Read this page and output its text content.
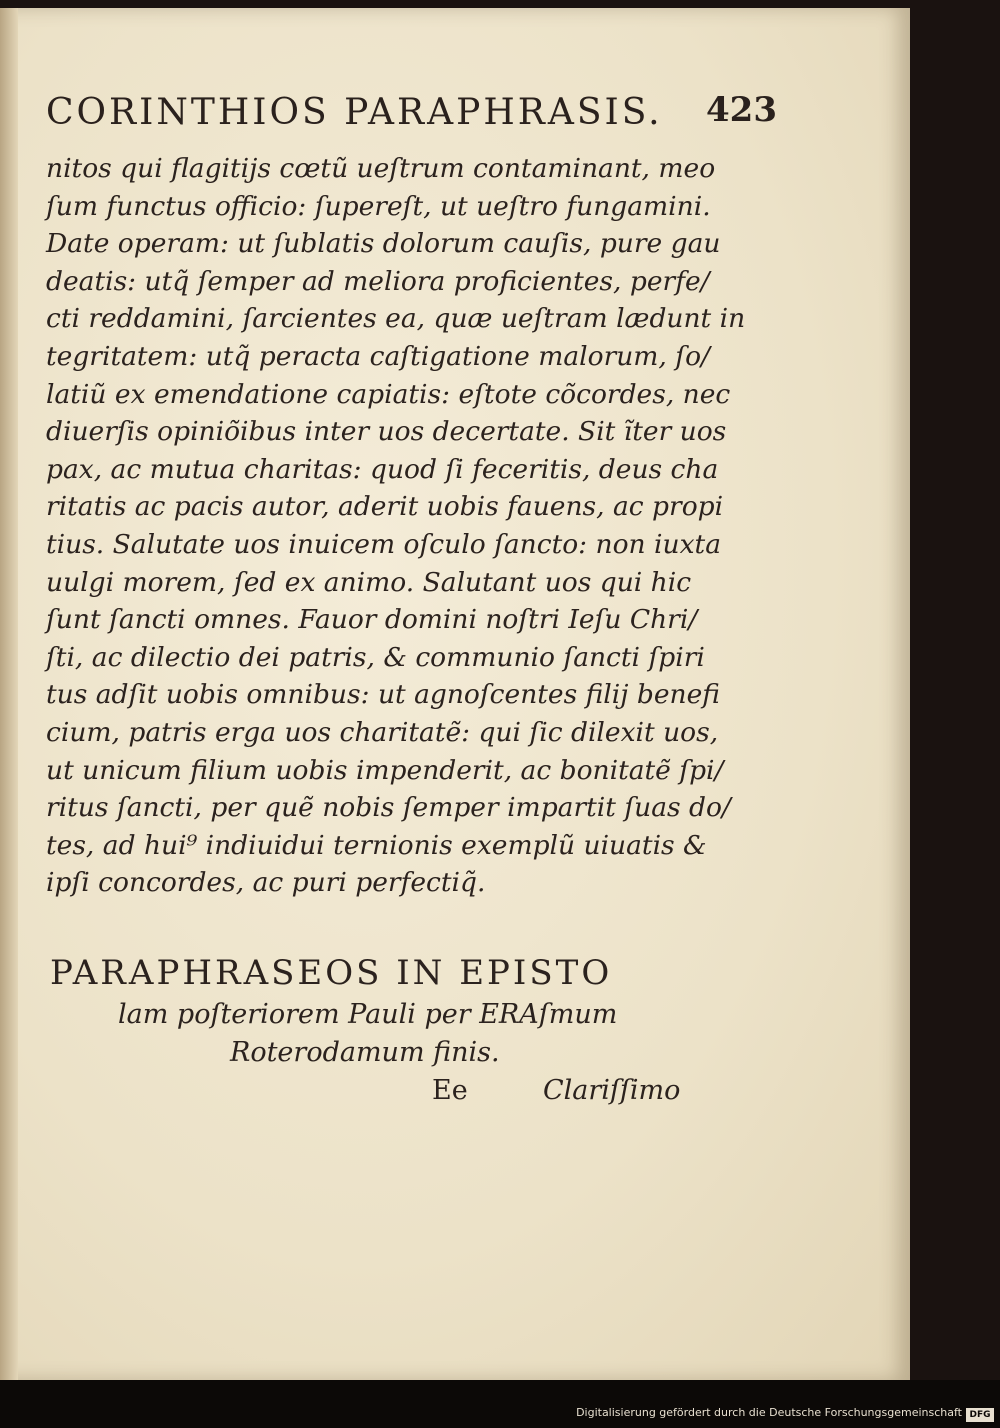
CORINTHIOS PARAPHRASIS. 423
nitos qui flagitijs cœtũ ueſtrum contaminant, meo
ſum functus officio: ſupereſt, ut ueſtro fungamini.
Date operam: ut ſublatis dolorum cauſis, pure gau
deatis: utq̃ ſemper ad meliora proficientes, perfe/
cti reddamini, ſarcientes ea, quæ ueſtram lædunt in
tegritatem: utq̃ peracta caſtigatione malorum, ſo/
latiũ ex emendatione capiatis: eſtote cõcordes, nec
diuerſis opiniõibus inter uos decertate. Sit ĩter uos
pax, ac mutua charitas: quod ſi feceritis, deus cha
ritatis ac pacis autor, aderit uobis fauens, ac propi
tius. Salutate uos inuicem oſculo ſancto: non iuxta
uulgi morem, ſed ex animo. Salutant uos qui hic
ſunt ſancti omnes. Fauor domini noſtri Ieſu Chri/
ſti, ac dilectio dei patris, & communio ſancti ſpiri
tus adſit uobis omnibus: ut agnoſcentes filij benefi
cium, patris erga uos charitatẽ: qui ſic dilexit uos,
ut unicum filium uobis impenderit, ac bonitatẽ ſpi/
ritus ſancti, per quẽ nobis ſemper impartit ſuas do/
tes, ad hui⁹ indiuidui ternionis exemplũ uiuatis &
ipſi concordes, ac puri perfectiq̃.
PARAPHRASEOS IN EPISTO
lam poſteriorem Pauli per ERAſmum
Roterodamum finis.
Ee	Clariſſimo
Digitalisierung gefördert durch die Deutsche Forschungsgemeinschaft DFG
